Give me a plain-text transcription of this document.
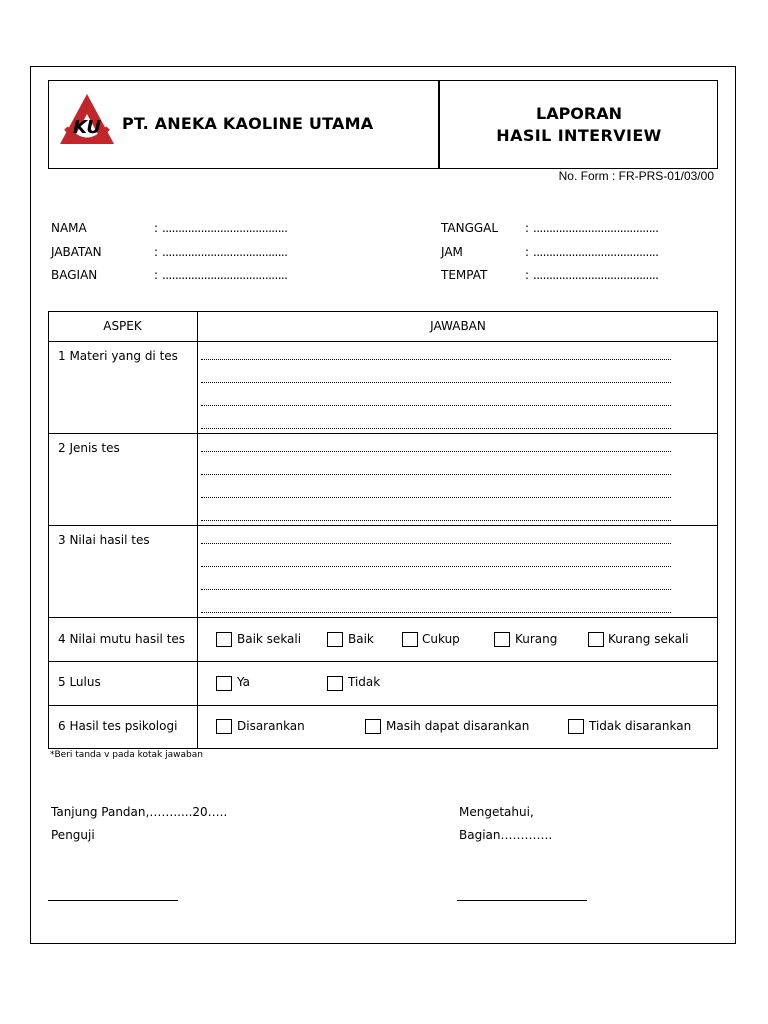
KU PT. ANEKA KAOLINE UTAMA
LAPORAN
HASIL INTERVIEW
No. Form : FR-PRS-01/03/00
NAMA	: .......................................
JABATAN	: .......................................
BAGIAN	: .......................................
TANGGAL : .......................................
JAM	: .......................................
TEMPAT	: .......................................
ASPEK	JAWABAN
1 Materi yang di tes
2 Jenis tes
3 Nilai hasil tes
4 Nilai mutu hasil tes	Baik sekali	Baik	Cukup	Kurang	Kurang sekali
5 Lulus	Ya	Tidak
6 Hasil tes psikologi	Disarankan	Masih dapat disarankan	Tidak disarankan
*Beri tanda v pada kotak jawaban
Tanjung Pandan,…….....20…..
Penguji
Mengetahui,
Bagian………….
